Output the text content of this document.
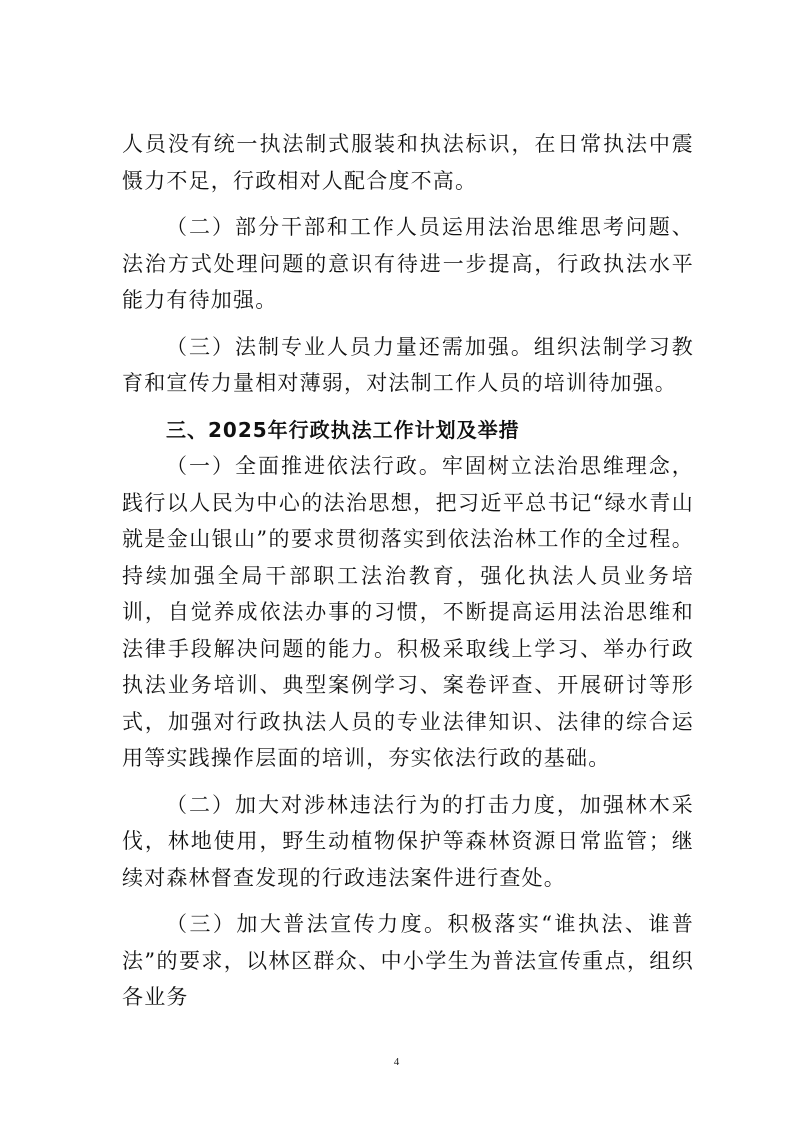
人员没有统一执法制式服装和执法标识，在日常执法中震慑力不足，行政相对人配合度不高。

（二）部分干部和工作人员运用法治思维思考问题、法治方式处理问题的意识有待进一步提高，行政执法水平能力有待加强。

（三）法制专业人员力量还需加强。组织法制学习教育和宣传力量相对薄弱，对法制工作人员的培训待加强。

三、2025年行政执法工作计划及举措

（一）全面推进依法行政。牢固树立法治思维理念，践行以人民为中心的法治思想，把习近平总书记“绿水青山就是金山银山”的要求贯彻落实到依法治林工作的全过程。持续加强全局干部职工法治教育，强化执法人员业务培训，自觉养成依法办事的习惯，不断提高运用法治思维和法律手段解决问题的能力。积极采取线上学习、举办行政执法业务培训、典型案例学习、案卷评查、开展研讨等形式，加强对行政执法人员的专业法律知识、法律的综合运用等实践操作层面的培训，夯实依法行政的基础。

（二）加大对涉林违法行为的打击力度，加强林木采伐，林地使用，野生动植物保护等森林资源日常监管；继续对森林督查发现的行政违法案件进行查处。

（三）加大普法宣传力度。积极落实“谁执法、谁普法”的要求，以林区群众、中小学生为普法宣传重点，组织各业务

4
